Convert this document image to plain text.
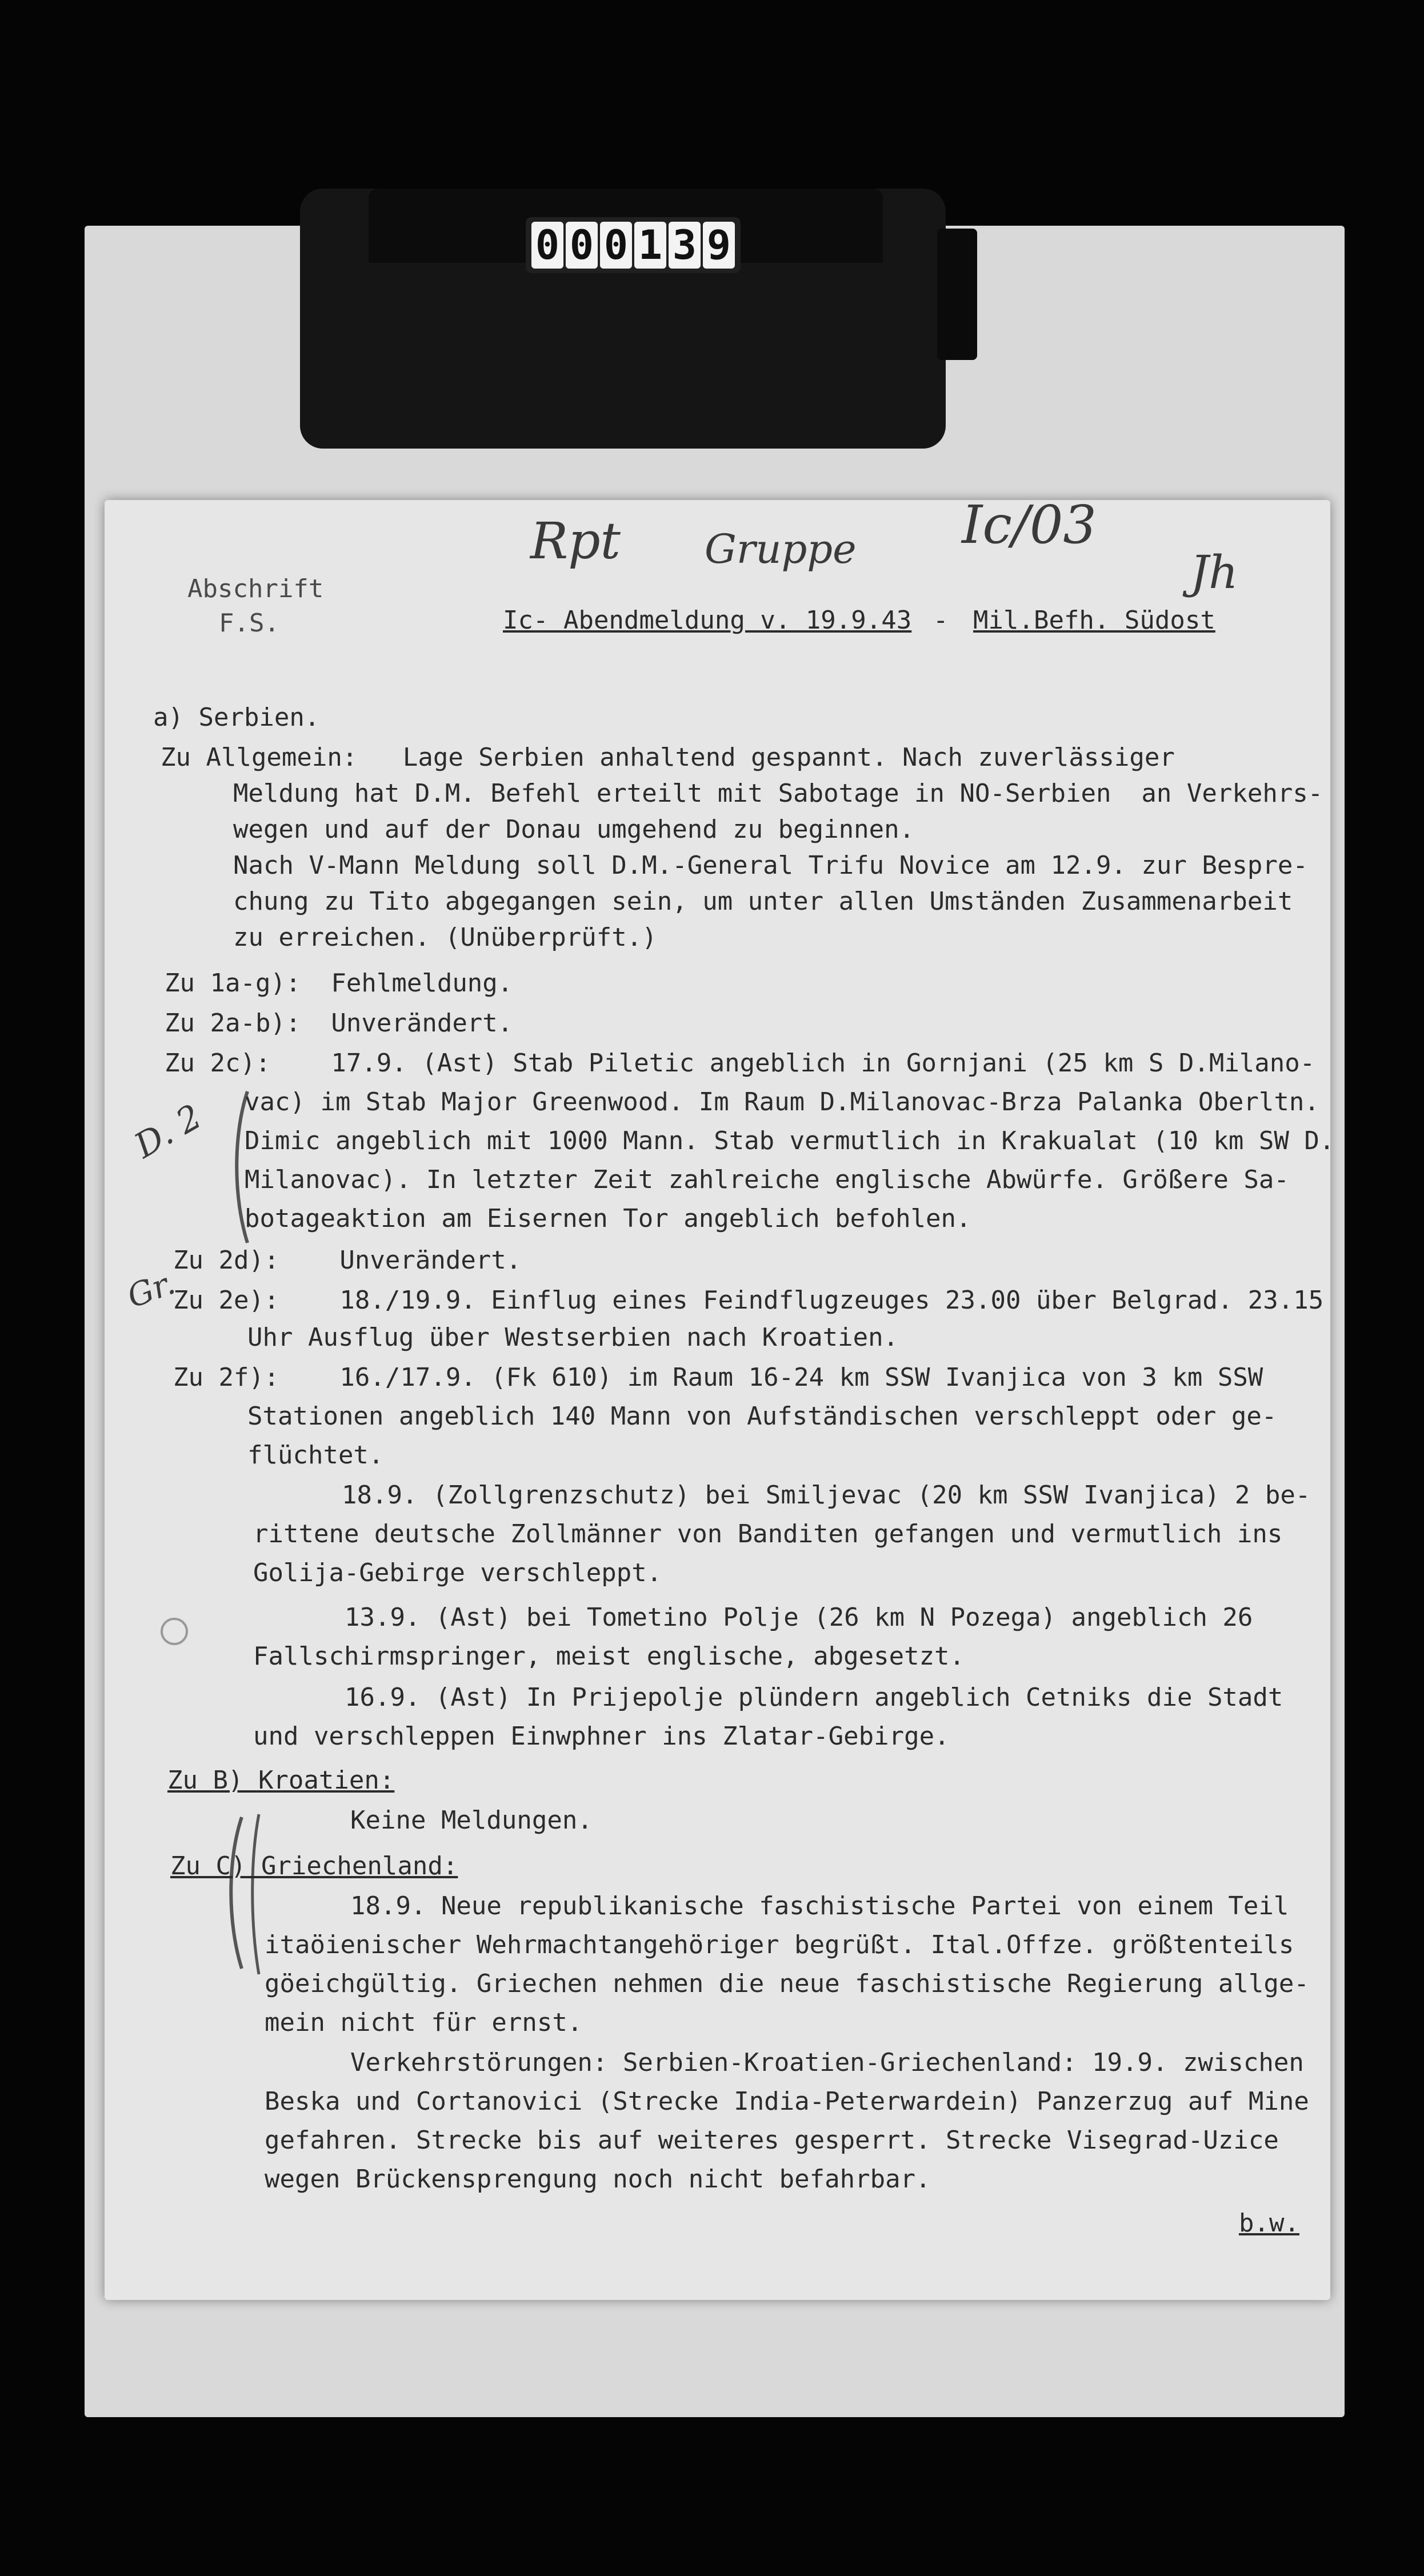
0 0 0 1 3 9
Ic/03
Rpt Gruppe	Jh
D. 2
Gr.
Abschrift
F.S.	Ic- Abendmeldung v. 19.9.43 - Mil.Befh. Südost
a) Serbien.
Zu Allgemein:   Lage Serbien anhaltend gespannt. Nach zuverlässiger
Meldung hat D.M. Befehl erteilt mit Sabotage in NO-Serbien  an Verkehrs-
wegen und auf der Donau umgehend zu beginnen.
Nach V-Mann Meldung soll D.M.-General Trifu Novice am 12.9. zur Bespre-
chung zu Tito abgegangen sein, um unter allen Umständen Zusammenarbeit
zu erreichen. (Unüberprüft.)
Zu 1a-g):  Fehlmeldung.
Zu 2a-b):  Unverändert.
Zu 2c):    17.9. (Ast) Stab Piletic angeblich in Gornjani (25 km S D.Milano-
vac) im Stab Major Greenwood. Im Raum D.Milanovac-Brza Palanka Oberltn.
Dimic angeblich mit 1000 Mann. Stab vermutlich in Krakualat (10 km SW D.
Milanovac). In letzter Zeit zahlreiche englische Abwürfe. Größere Sa-
botageaktion am Eisernen Tor angeblich befohlen.
Zu 2d):    Unverändert.
Zu 2e):    18./19.9. Einflug eines Feindflugzeuges 23.00 über Belgrad. 23.15
Uhr Ausflug über Westserbien nach Kroatien.
Zu 2f):    16./17.9. (Fk 610) im Raum 16-24 km SSW Ivanjica von 3 km SSW
Stationen angeblich 140 Mann von Aufständischen verschleppt oder ge-
flüchtet.
18.9. (Zollgrenzschutz) bei Smiljevac (20 km SSW Ivanjica) 2 be-
rittene deutsche Zollmänner von Banditen gefangen und vermutlich ins
Golija-Gebirge verschleppt.
13.9. (Ast) bei Tometino Polje (26 km N Pozega) angeblich 26
Fallschirmspringer, meist englische, abgesetzt.
16.9. (Ast) In Prijepolje plündern angeblich Cetniks die Stadt
und verschleppen Einwphner ins Zlatar-Gebirge.
Zu B) Kroatien:
Keine Meldungen.
Zu C) Griechenland:
18.9. Neue republikanische faschistische Partei von einem Teil
itaöienischer Wehrmachtangehöriger begrüßt. Ital.Offze. größtenteils
göeichgültig. Griechen nehmen die neue faschistische Regierung allge-
mein nicht für ernst.
Verkehrstörungen: Serbien-Kroatien-Griechenland: 19.9. zwischen
Beska und Cortanovici (Strecke India-Peterwardein) Panzerzug auf Mine
gefahren. Strecke bis auf weiteres gesperrt. Strecke Visegrad-Uzice
wegen Brückensprengung noch nicht befahrbar.
b.w.
